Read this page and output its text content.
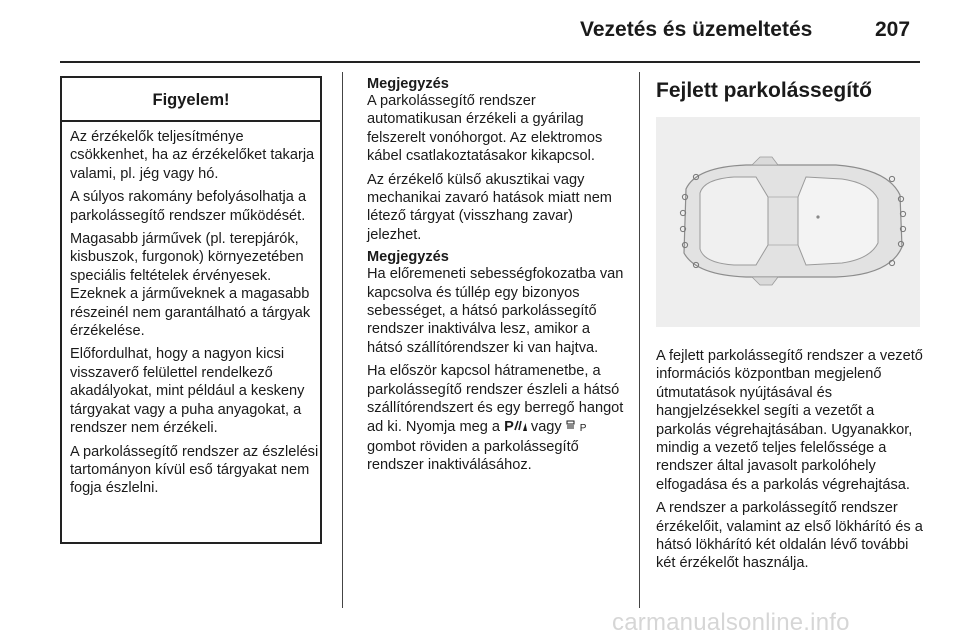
Vezetés és üzemeltetés	207
Figyelem!

Az érzékelők teljesítménye csökkenhet, ha az érzékelőket takarja valami, pl. jég vagy hó.

A súlyos rakomány befolyásolhatja a parkolássegítő rendszer működését.

Magasabb járművek (pl. terepjárók, kisbuszok, furgonok) környezetében speciális feltételek érvényesek. Ezeknek a járműveknek a magasabb részeinél nem garantálható a tárgyak érzékelése.

Előfordulhat, hogy a nagyon kicsi visszaverő felülettel rendelkező akadályokat, mint például a keskeny tárgyakat vagy a puha anyagokat, a rendszer nem érzékeli.

A parkolássegítő rendszer az észlelési tartományon kívül eső tárgyakat nem fogja észlelni.

Megjegyzés

A parkolássegítő rendszer automatikusan érzékeli a gyárilag felszerelt vonóhorgot. Az elektromos kábel csatlakoztatásakor kikapcsol.

Az érzékelő külső akusztikai vagy mechanikai zavaró hatások miatt nem létező tárgyat (visszhang zavar) jelezhet.

Megjegyzés

Ha előremeneti sebességfokozatba van kapcsolva és túllép egy bizonyos sebességet, a hátsó parkolássegítő rendszer inaktiválva lesz, amikor a hátsó szállítórendszer ki van hajtva.

Ha először kapcsol hátramenetbe, a parkolássegítő rendszer észleli a hátsó szállítórendszert és egy berregő hangot ad ki. Nyomja meg a P vagy P gombot röviden a parkolássegítő rendszer inaktiválásához.

Fejlett parkolássegítő

A fejlett parkolássegítő rendszer a vezető információs központban megjelenő útmutatások nyújtásával és hangjelzésekkel segíti a vezetőt a parkolás végrehajtásában. Ugyanakkor, mindig a vezető teljes felelőssége a rendszer által javasolt parkolóhely elfogadása és a parkolás végrehajtása.

A rendszer a parkolássegítő rendszer érzékelőit, valamint az első lökhárító és a hátsó lökhárító két oldalán lévő további két érzékelőt használja.

carmanualsonline.info
